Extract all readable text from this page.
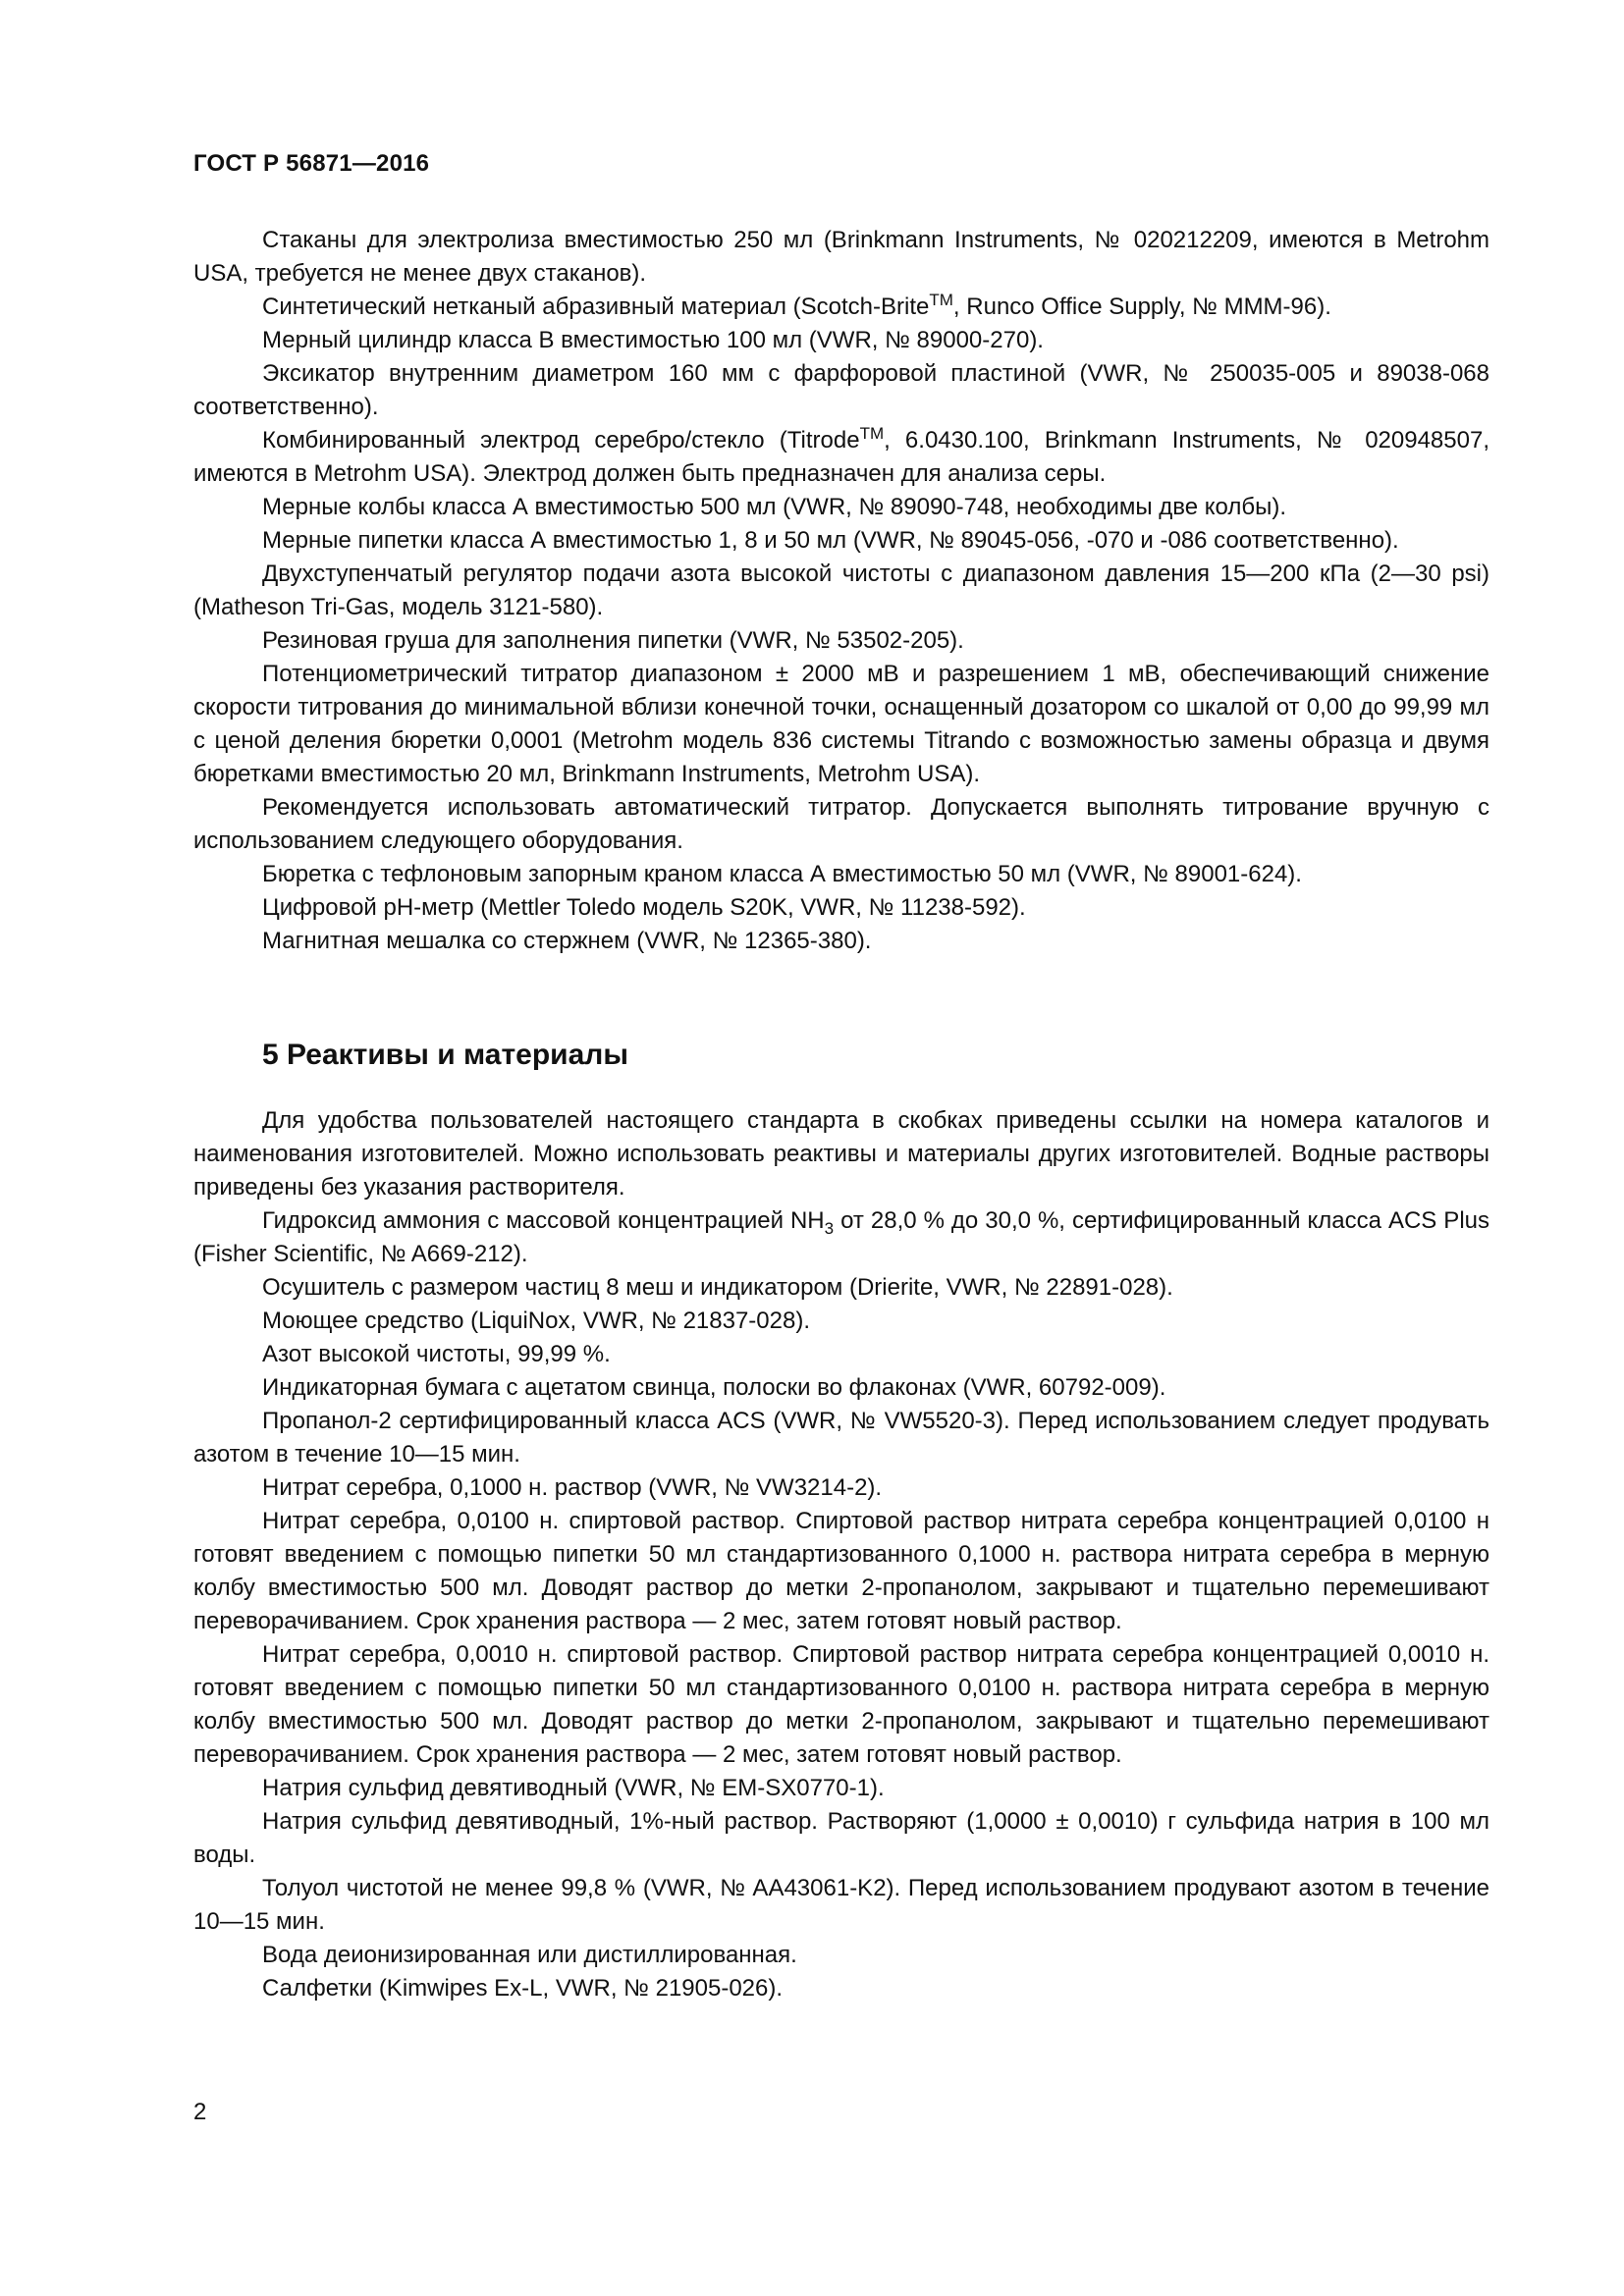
ГОСТ Р 56871—2016

Стаканы для электролиза вместимостью 250 мл (Brinkmann Instruments, № 020212209, имеются в Metrohm USA, требуется не менее двух стаканов).

Синтетический нетканый абразивный материал (Scotch-Brite™, Runco Office Supply, № MMM-96).

Мерный цилиндр класса В вместимостью 100 мл (VWR, № 89000-270).

Эксикатор внутренним диаметром 160 мм с фарфоровой пластиной (VWR, № 250035-005 и 89038-068 соответственно).

Комбинированный электрод серебро/стекло (Titrode™, 6.0430.100, Brinkmann Instruments, № 020948507, имеются в Metrohm USA). Электрод должен быть предназначен для анализа серы.

Мерные колбы класса А вместимостью 500 мл (VWR, № 89090-748, необходимы две колбы).

Мерные пипетки класса А вместимостью 1, 8 и 50 мл (VWR, № 89045-056, -070 и -086 соответственно).

Двухступенчатый регулятор подачи азота высокой чистоты с диапазоном давления 15—200 кПа (2—30 psi) (Matheson Tri-Gas, модель 3121-580).

Резиновая груша для заполнения пипетки (VWR, № 53502-205).

Потенциометрический титратор диапазоном ± 2000 мВ и разрешением 1 мВ, обеспечивающий снижение скорости титрования до минимальной вблизи конечной точки, оснащенный дозатором со шкалой от 0,00 до 99,99 мл с ценой деления бюретки 0,0001 (Metrohm модель 836 системы Titrando с возможностью замены образца и двумя бюретками вместимостью 20 мл, Brinkmann Instruments, Metrohm USA).

Рекомендуется использовать автоматический титратор. Допускается выполнять титрование вручную с использованием следующего оборудования.

Бюретка с тефлоновым запорным краном класса А вместимостью 50 мл (VWR, № 89001-624).

Цифровой pH-метр (Mettler Toledo модель S20K, VWR, № 11238-592).

Магнитная мешалка со стержнем (VWR, № 12365-380).

5 Реактивы и материалы

Для удобства пользователей настоящего стандарта в скобках приведены ссылки на номера каталогов и наименования изготовителей. Можно использовать реактивы и материалы других изготовителей. Водные растворы приведены без указания растворителя.

Гидроксид аммония с массовой концентрацией $NH_3$ от 28,0 % до 30,0 %, сертифицированный класса ACS Plus (Fisher Scientific, № A669-212).

Осушитель с размером частиц 8 меш и индикатором (Drierite, VWR, № 22891-028).

Моющее средство (LiquiNox, VWR, № 21837-028).

Азот высокой чистоты, 99,99 %.

Индикаторная бумага с ацетатом свинца, полоски во флаконах (VWR, 60792-009).

Пропанол-2 сертифицированный класса ACS (VWR, № VW5520-3). Перед использованием следует продувать азотом в течение 10—15 мин.

Нитрат серебра, 0,1000 н. раствор (VWR, № VW3214-2).

Нитрат серебра, 0,0100 н. спиртовой раствор. Спиртовой раствор нитрата серебра концентрацией 0,0100 н готовят введением с помощью пипетки 50 мл стандартизованного 0,1000 н. раствора нитрата серебра в мерную колбу вместимостью 500 мл. Доводят раствор до метки 2-пропанолом, закрывают и тщательно перемешивают переворачиванием. Срок хранения раствора — 2 мес, затем готовят новый раствор.

Нитрат серебра, 0,0010 н. спиртовой раствор. Спиртовой раствор нитрата серебра концентрацией 0,0010 н. готовят введением с помощью пипетки 50 мл стандартизованного 0,0100 н. раствора нитрата серебра в мерную колбу вместимостью 500 мл. Доводят раствор до метки 2-пропанолом, закрывают и тщательно перемешивают переворачиванием. Срок хранения раствора — 2 мес, затем готовят новый раствор.

Натрия сульфид девятиводный (VWR, № EM-SX0770-1).

Натрия сульфид девятиводный, 1%-ный раствор. Растворяют (1,0000 ± 0,0010) г сульфида натрия в 100 мл воды.

Толуол чистотой не менее 99,8 % (VWR, № AA43061-K2). Перед использованием продувают азотом в течение 10—15 мин.

Вода деионизированная или дистиллированная.

Салфетки (Kimwipes Ex-L, VWR, № 21905-026).

2
